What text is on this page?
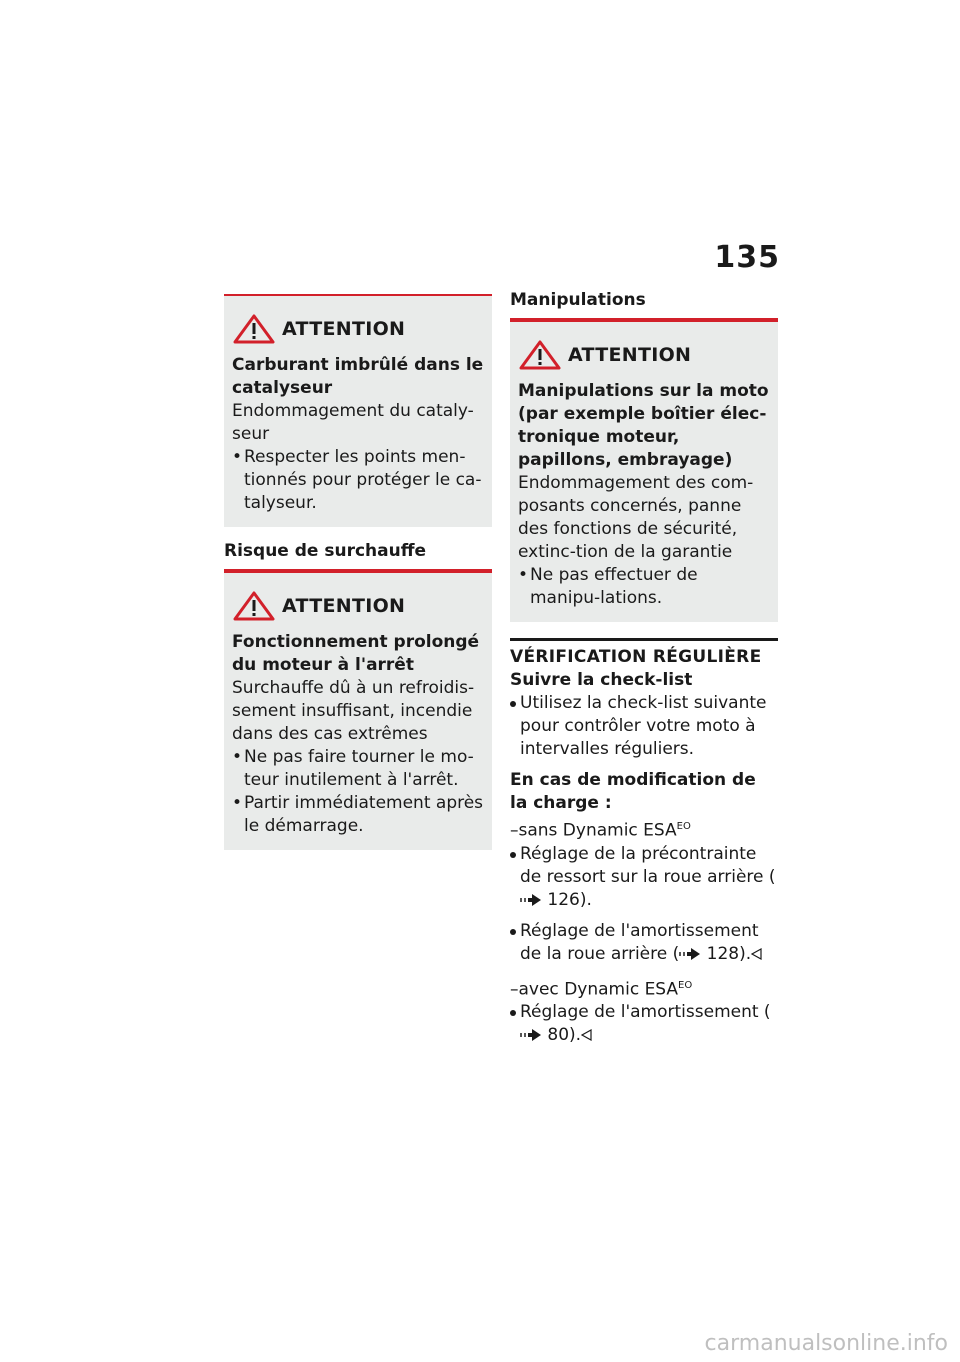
135
ATTENTION
Carburant imbrûlé dans le catalyseur
Endommagement du cataly-seur
• Respecter les points men-tionnés pour protéger le ca-talyseur.
Risque de surchauffe
ATTENTION
Fonctionnement prolongé du moteur à l'arrêt
Surchauffe dû à un refroidis-sement insuffisant, incendie dans des cas extrêmes
• Ne pas faire tourner le mo-teur inutilement à l'arrêt.
• Partir immédiatement après le démarrage.
Manipulations
ATTENTION
Manipulations sur la moto (par exemple boîtier élec-tronique moteur, papillons, embrayage)
Endommagement des com-posants concernés, panne des fonctions de sécurité, extinc-tion de la garantie
• Ne pas effectuer de manipu-lations.
VÉRIFICATION RÉGULIÈRE
Suivre la check-list
Utilisez la check-list suivante pour contrôler votre moto à intervalles réguliers.
En cas de modification de la charge :
–sans Dynamic $ESA^{EO}$
Réglage de la précontrainte de ressort sur la roue arrière ( 126).
Réglage de l'amortissement de la roue arrière ( 128).
–avec Dynamic $ESA^{EO}$
Réglage de l'amortissement ( 80).
carmanualsonline.info
